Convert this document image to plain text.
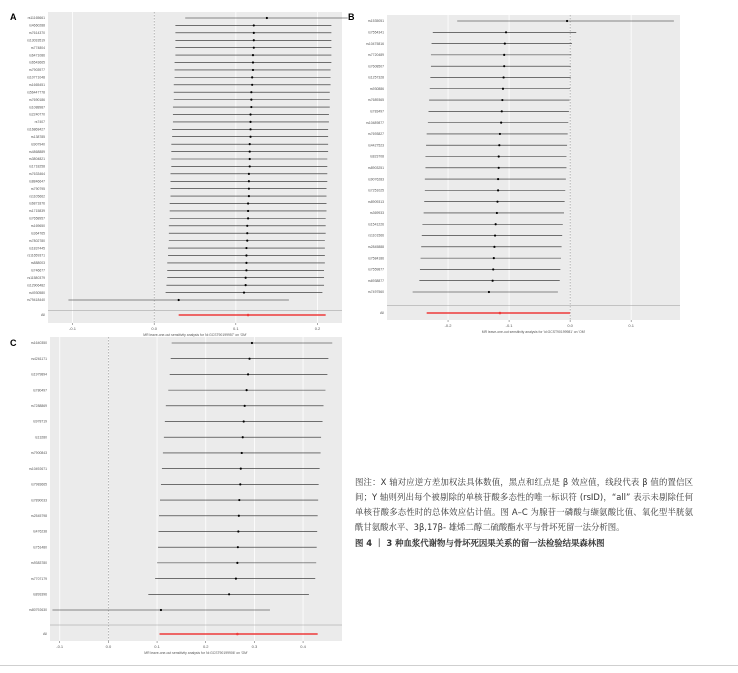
A	rs11165661
rs4660288
rs7614370
rs13033519
rs774804
rs6471086
rs6543665
rs7903977
rs10771048
rs1665451
rs56447778
rs7690186
rs1088987
rs2240770
rs7407
rs16868427
rs138785
rs907940
rs4868889
rs3804821
rs1718258
rs7633464
rs8846647
rs790795
rs1105662
rs6871876
rs1715839
rs7658957
rs169650
rs364765
rs7802780
rs1837445
rs11659371
rs888003
rs746677
rs11580379
rs12906482
rs4930580
rs79418440
All
-0.1	0.0	0.1	0.2
MR leave-one-out sensitivity analysis for 'id:GCST90199957' on 'OM'
B	rs1535051
rs7554341
rs10475816
rs7720489
rs7608507
rs1257328
rs930886
rs7689365
rs783497
rs10489877
rs7693827
rs4427523
rs823708
rs8903251
rs9076283
rs7251025
rs8909313
rs369933
rs1541226
rs1101566
rs2845888
rs7584186
rs7559877
rs6938877
rs7497560
All
-0.2	-0.1	0.0	0.1
MR leave-one-out sensitivity analysis for 'id:GCST90199981' on 'OM'
C	rs1640350
rs4261171
rs1979894
rs780497
rs7288869
rs978719
rs13280
rs7900843
rs10492671
rs7983665
rs7890033
rs2545798
rs476238
rs751480
rs9383780
rs7707179
rs893396
rs80792630
All
-0.1	0.0	0.1	0.2	0.3	0.4
MR leave-one-out sensitivity analysis for 'id:GCST90199906' on 'OM'

图注：X 轴对应逆方差加权法具体数值，黑点和红点是 β 效应值，线段代表 β 值的置信区间；Y 轴则列出每个被剔除的单核苷酸多态性的唯一标识符 (rsID)，“all” 表示未剔除任何单核苷酸多态性时的总体效应估计值。图 A–C 为腺苷一磷酸与缬氨酸比值、氧化型半胱氨酰甘氨酸水平、3β,17β- 雄烯二醇二硫酸酯水平与骨坏死留一法分析图。

图 4 ｜ 3 种血浆代谢物与骨坏死因果关系的留一法检验结果森林图
